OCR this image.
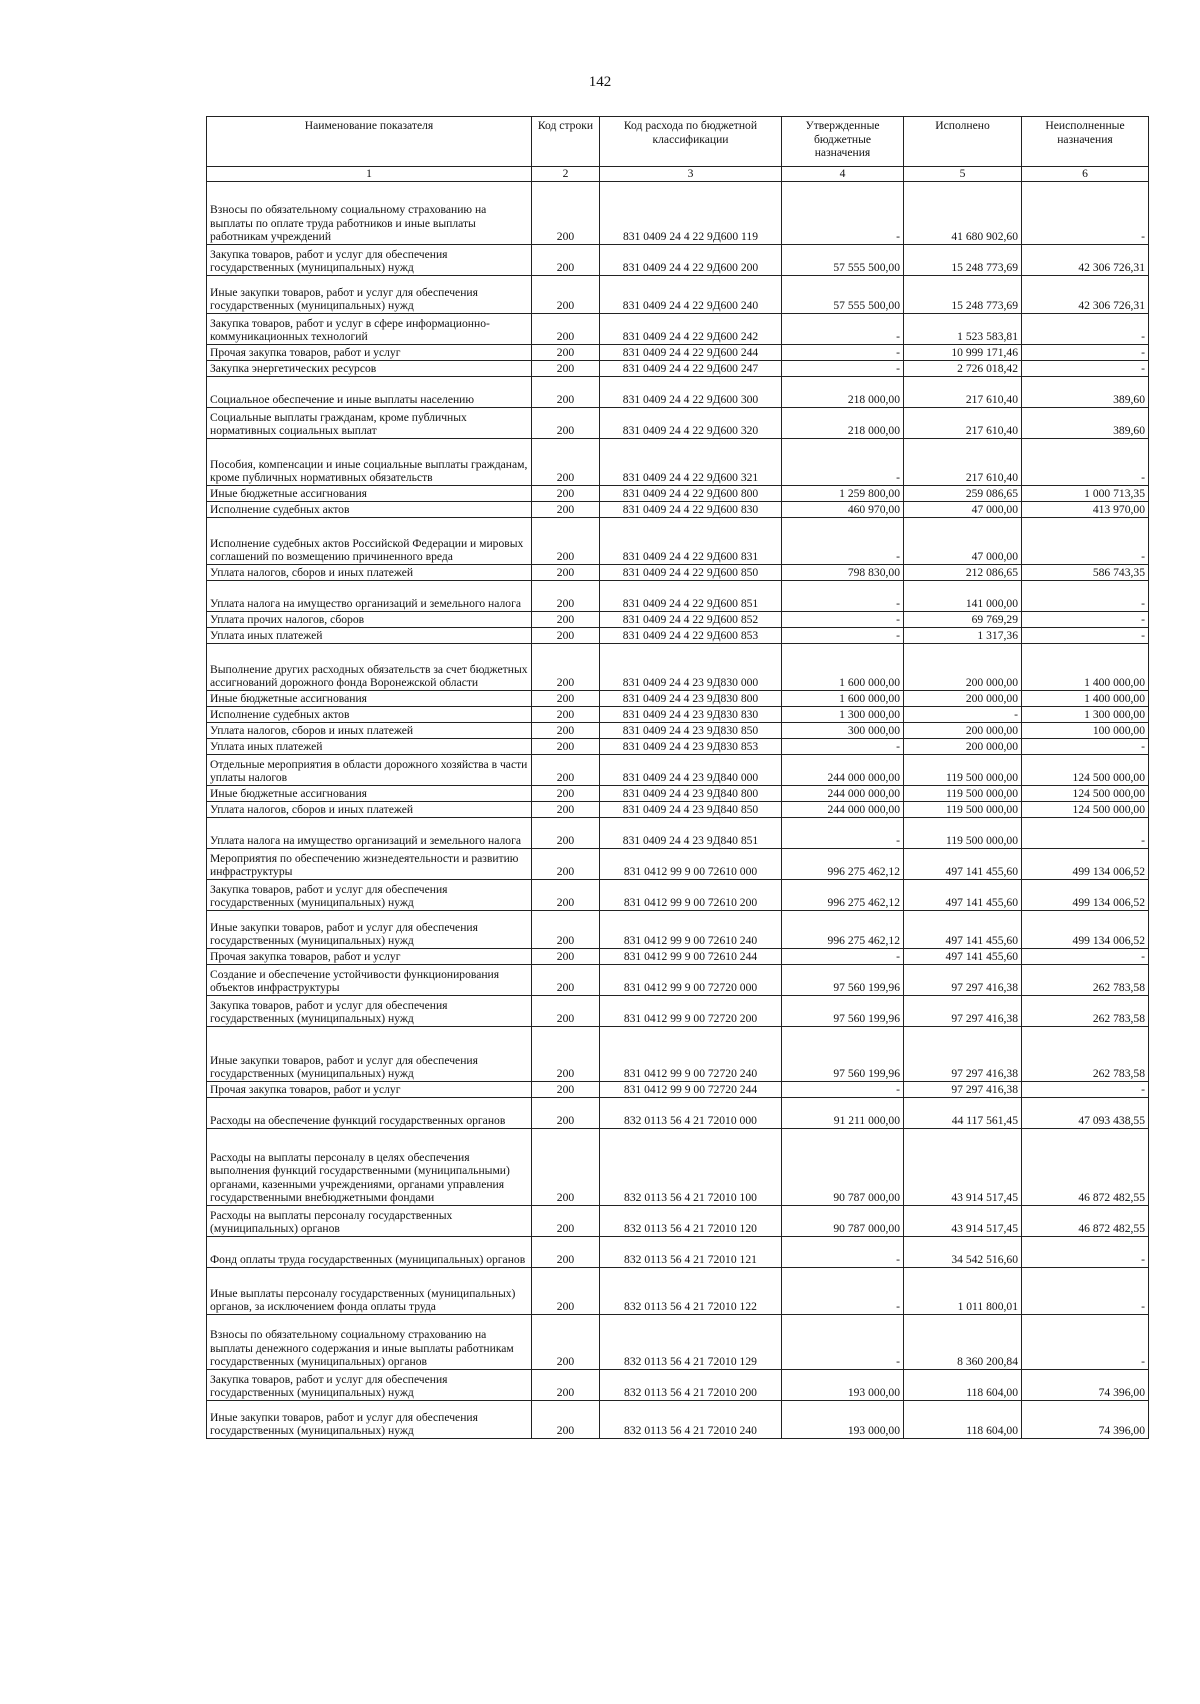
142
Наименование показателя	Код строки	Код расхода по бюджетной классификации	Утвержденные бюджетные назначения	Исполнено	Неисполненные назначения
1	2	3	4	5	6
Взносы по обязательному социальному страхованию на выплаты по оплате труда работников и иные выплаты работникам учреждений	200	831 0409 24 4 22 9Д600 119	-	41 680 902,60	-
Закупка товаров, работ и услуг для обеспечения государственных (муниципальных) нужд	200	831 0409 24 4 22 9Д600 200	57 555 500,00	15 248 773,69	42 306 726,31
Иные закупки товаров, работ и услуг для обеспечения государственных (муниципальных) нужд	200	831 0409 24 4 22 9Д600 240	57 555 500,00	15 248 773,69	42 306 726,31
Закупка товаров, работ и услуг в сфере информационно-коммуникационных технологий	200	831 0409 24 4 22 9Д600 242	-	1 523 583,81	-
Прочая закупка товаров, работ и услуг	200	831 0409 24 4 22 9Д600 244	-	10 999 171,46	-
Закупка энергетических ресурсов	200	831 0409 24 4 22 9Д600 247	-	2 726 018,42	-
Социальное обеспечение и иные выплаты населению	200	831 0409 24 4 22 9Д600 300	218 000,00	217 610,40	389,60
Социальные выплаты гражданам, кроме публичных нормативных социальных выплат	200	831 0409 24 4 22 9Д600 320	218 000,00	217 610,40	389,60
Пособия, компенсации и иные социальные выплаты гражданам, кроме публичных нормативных обязательств	200	831 0409 24 4 22 9Д600 321	-	217 610,40	-
Иные бюджетные ассигнования	200	831 0409 24 4 22 9Д600 800	1 259 800,00	259 086,65	1 000 713,35
Исполнение судебных актов	200	831 0409 24 4 22 9Д600 830	460 970,00	47 000,00	413 970,00
Исполнение судебных актов Российской Федерации и мировых соглашений по возмещению причиненного вреда	200	831 0409 24 4 22 9Д600 831	-	47 000,00	-
Уплата налогов, сборов и иных платежей	200	831 0409 24 4 22 9Д600 850	798 830,00	212 086,65	586 743,35
Уплата налога на имущество организаций и земельного налога	200	831 0409 24 4 22 9Д600 851	-	141 000,00	-
Уплата прочих налогов, сборов	200	831 0409 24 4 22 9Д600 852	-	69 769,29	-
Уплата иных платежей	200	831 0409 24 4 22 9Д600 853	-	1 317,36	-
Выполнение других расходных обязательств за счет бюджетных ассигнований дорожного фонда Воронежской области	200	831 0409 24 4 23 9Д830 000	1 600 000,00	200 000,00	1 400 000,00
Иные бюджетные ассигнования	200	831 0409 24 4 23 9Д830 800	1 600 000,00	200 000,00	1 400 000,00
Исполнение судебных актов	200	831 0409 24 4 23 9Д830 830	1 300 000,00	-	1 300 000,00
Уплата налогов, сборов и иных платежей	200	831 0409 24 4 23 9Д830 850	300 000,00	200 000,00	100 000,00
Уплата иных платежей	200	831 0409 24 4 23 9Д830 853	-	200 000,00	-
Отдельные мероприятия в области дорожного хозяйства в части уплаты налогов	200	831 0409 24 4 23 9Д840 000	244 000 000,00	119 500 000,00	124 500 000,00
Иные бюджетные ассигнования	200	831 0409 24 4 23 9Д840 800	244 000 000,00	119 500 000,00	124 500 000,00
Уплата налогов, сборов и иных платежей	200	831 0409 24 4 23 9Д840 850	244 000 000,00	119 500 000,00	124 500 000,00
Уплата налога на имущество организаций и земельного налога	200	831 0409 24 4 23 9Д840 851	-	119 500 000,00	-
Мероприятия по обеспечению жизнедеятельности и развитию инфраструктуры	200	831 0412 99 9 00 72610 000	996 275 462,12	497 141 455,60	499 134 006,52
Закупка товаров, работ и услуг для обеспечения государственных (муниципальных) нужд	200	831 0412 99 9 00 72610 200	996 275 462,12	497 141 455,60	499 134 006,52
Иные закупки товаров, работ и услуг для обеспечения государственных (муниципальных) нужд	200	831 0412 99 9 00 72610 240	996 275 462,12	497 141 455,60	499 134 006,52
Прочая закупка товаров, работ и услуг	200	831 0412 99 9 00 72610 244	-	497 141 455,60	-
Создание и обеспечение устойчивости функционирования объектов инфраструктуры	200	831 0412 99 9 00 72720 000	97 560 199,96	97 297 416,38	262 783,58
Закупка товаров, работ и услуг для обеспечения государственных (муниципальных) нужд	200	831 0412 99 9 00 72720 200	97 560 199,96	97 297 416,38	262 783,58
Иные закупки товаров, работ и услуг для обеспечения государственных (муниципальных) нужд	200	831 0412 99 9 00 72720 240	97 560 199,96	97 297 416,38	262 783,58
Прочая закупка товаров, работ и услуг	200	831 0412 99 9 00 72720 244	-	97 297 416,38	-
Расходы на обеспечение функций государственных органов	200	832 0113 56 4 21 72010 000	91 211 000,00	44 117 561,45	47 093 438,55
Расходы на выплаты персоналу в целях обеспечения выполнения функций государственными (муниципальными) органами, казенными учреждениями, органами управления государственными внебюджетными фондами	200	832 0113 56 4 21 72010 100	90 787 000,00	43 914 517,45	46 872 482,55
Расходы на выплаты персоналу государственных (муниципальных) органов	200	832 0113 56 4 21 72010 120	90 787 000,00	43 914 517,45	46 872 482,55
Фонд оплаты труда государственных (муниципальных) органов	200	832 0113 56 4 21 72010 121	-	34 542 516,60	-
Иные выплаты персоналу государственных (муниципальных) органов, за исключением фонда оплаты труда	200	832 0113 56 4 21 72010 122	-	1 011 800,01	-
Взносы по обязательному социальному страхованию на выплаты денежного содержания и иные выплаты работникам государственных (муниципальных) органов	200	832 0113 56 4 21 72010 129	-	8 360 200,84	-
Закупка товаров, работ и услуг для обеспечения государственных (муниципальных) нужд	200	832 0113 56 4 21 72010 200	193 000,00	118 604,00	74 396,00
Иные закупки товаров, работ и услуг для обеспечения государственных (муниципальных) нужд	200	832 0113 56 4 21 72010 240	193 000,00	118 604,00	74 396,00
